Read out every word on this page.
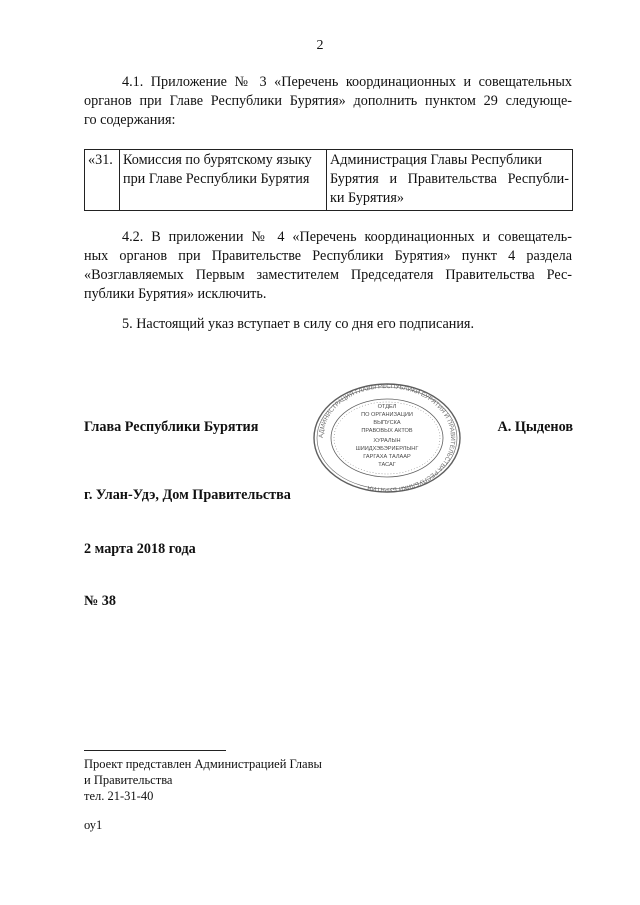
2
4.1. Приложение № 3 «Перечень координационных и совещательных
органов при Главе Республики Бурятия» дополнить пунктом 29 следующе-
го содержания:
«31.	Комиссия по бурятскому языку
при Главе Республики Бурятия

Администрация Главы Республики
Бурятия и Правительства Республи-
ки Бурятия»
4.2. В приложении № 4 «Перечень координационных и совещатель-
ных органов при Правительстве Республики Бурятия» пункт 4 раздела
«Возглавляемых Первым заместителем Председателя Правительства Рес-
публики Бурятия» исключить.
5. Настоящий указ вступает в силу со дня его подписания.
Глава Республики Бурятия	А. Цыденов
АДМИНИСТРАЦИЯ ГЛАВЫ РЕСПУБЛИКИ БУРЯТИЯ И ПРАВИТЕЛЬСТВА РЕСПУБЛИКИ БУРЯТИЯ
ОТДЕЛ
ПО ОРГАНИЗАЦИИ
ВЫПУСКА
ПРАВОВЫХ АКТОВ
ХУРАЛЫН
ШИИДХЭБЭРИЕРЛЫНГ
ГАРГАХА ТАЛААР
ТАСАГ
г. Улан-Удэ, Дом Правительства
2 марта 2018 года
№ 38
Проект представлен Администрацией Главы
и Правительства
тел. 21-31-40
оу1
